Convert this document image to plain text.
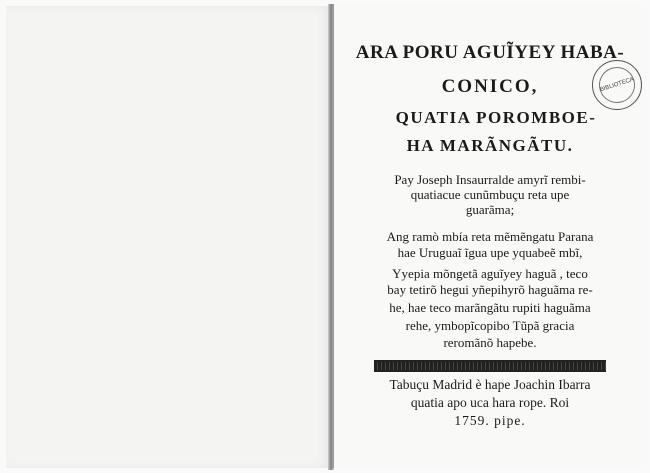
BIBLIOTECA
ARA PORU AGUĨYEY HABA-
CONICO,
QUATIA POROMBOE-
HA MARÃNGÃTU.
Pay Joseph Insaurralde amyrĩ rembi-
quatiacue cunũmbuçu reta upe
guarãma;
Ang ramò mbía reta mẽmẽngatu Parana
hae Uruguaĩ ĩgua upe yquabeẽ mbĩ,
Yyepia mõngetã aguĩyey haguã , teco
bay tetirõ hegui yñepihyrõ haguãma re-
he, hae teco marãngãtu rupiti haguãma
rehe, ymbopĩcopibo Tũpã gracia
reromãnõ hapebe.
Tabuçu Madrid è hape Joachin Ibarra
quatia apo uca hara rope. Roi
1759. pipe.
